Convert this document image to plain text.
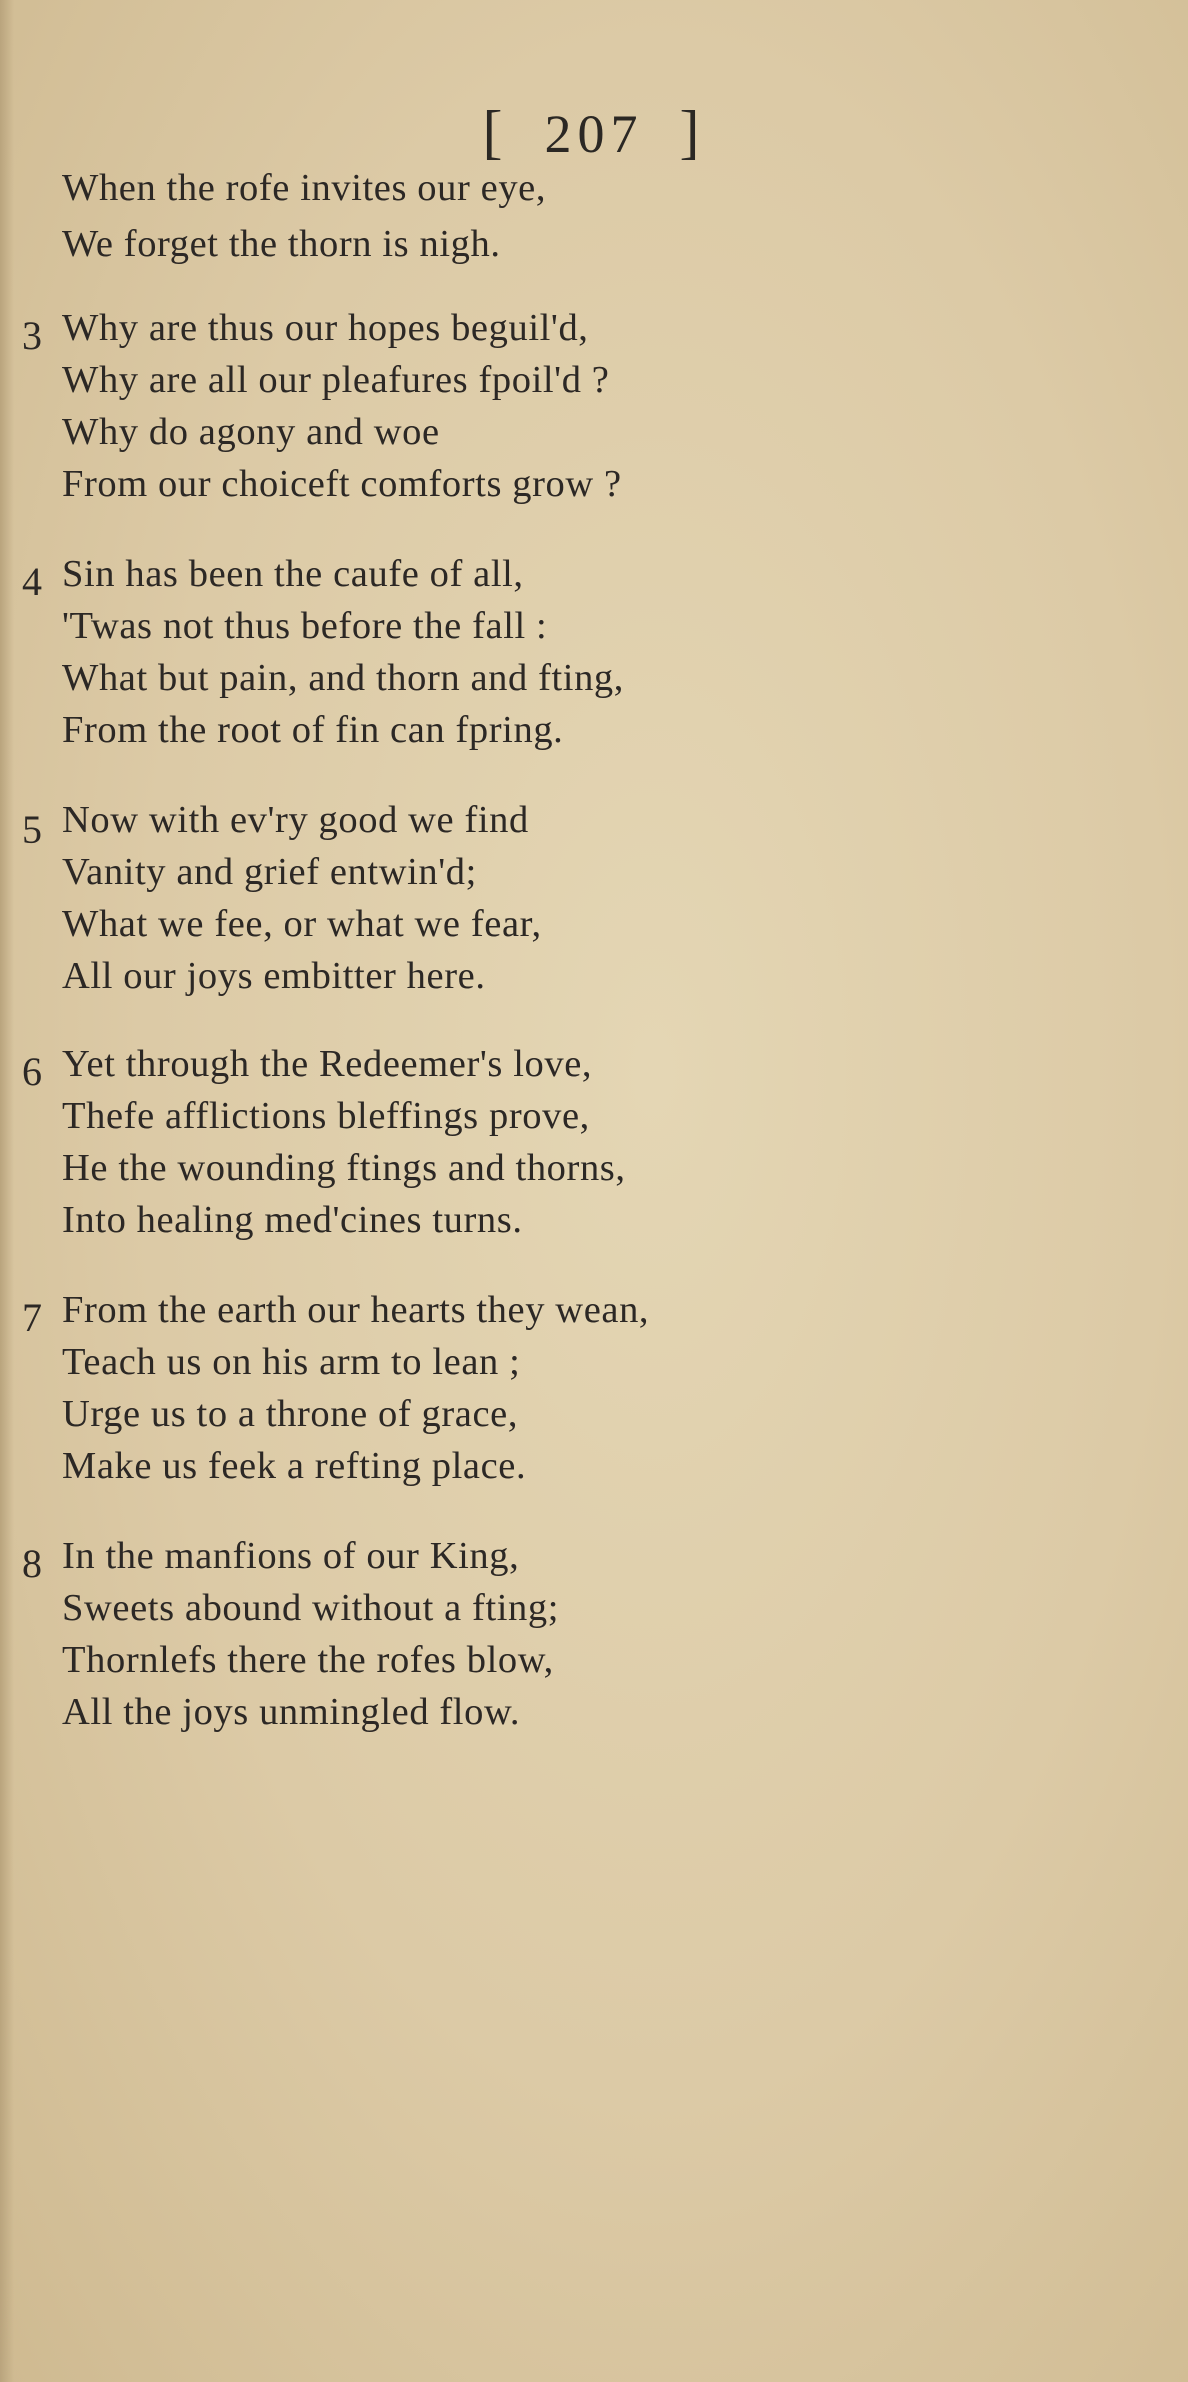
[ 207 ]
When the rofe invites our eye,
We forget the thorn is nigh.
3 Why are thus our hopes beguil'd,
Why are all our pleafures fpoil'd ?
Why do agony and woe
From our choiceft comforts grow ?
4 Sin has been the caufe of all,
'Twas not thus before the fall :
What but pain, and thorn and fting,
From the root of fin can fpring.
5 Now with ev'ry good we find
Vanity and grief entwin'd;
What we fee, or what we fear,
All our joys embitter here.
6 Yet through the Redeemer's love,
Thefe afflictions bleffings prove,
He the wounding ftings and thorns,
Into healing med'cines turns.
7 From the earth our hearts they wean,
Teach us on his arm to lean ;
Urge us to a throne of grace,
Make us feek a refting place.
8 In the manfions of our King,
Sweets abound without a fting;
Thornlefs there the rofes blow,
All the joys unmingled flow.
